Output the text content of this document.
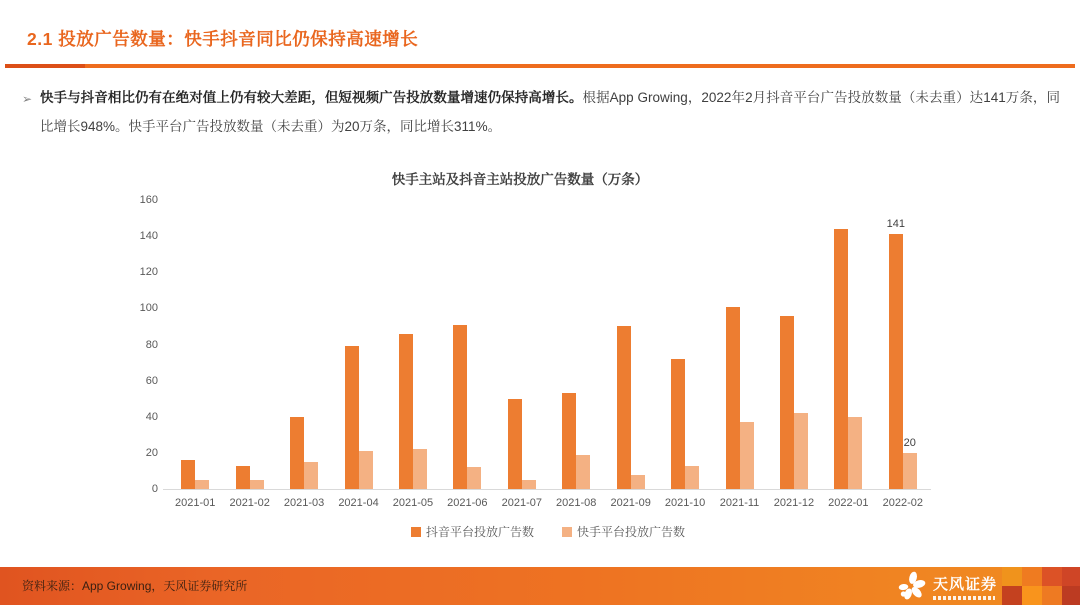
2.1 投放广告数量：快手抖音同比仍保持高速增长
➢ 快手与抖音相比仍有在绝对值上仍有较大差距，但短视频广告投放数量增速仍保持高增长。根据App Growing，2022年2月抖音平台广告投放数量（未去重）达141万条，同比增长948%。快手平台广告投放数量（未去重）为20万条，同比增长311%。
快手主站及抖音主站投放广告数量（万条）
抖音平台投放广告数	快手平台投放广告数
资料来源：App Growing，天风证券研究所	天风证券
0
20
40
60
80
100
120
140
160
2021-01	2021-02	2021-03	2021-04	2021-05	2021-06	2021-07	2021-08	2021-09	2021-10	2021-11	2021-12	2022-01	2022-02
141
20
